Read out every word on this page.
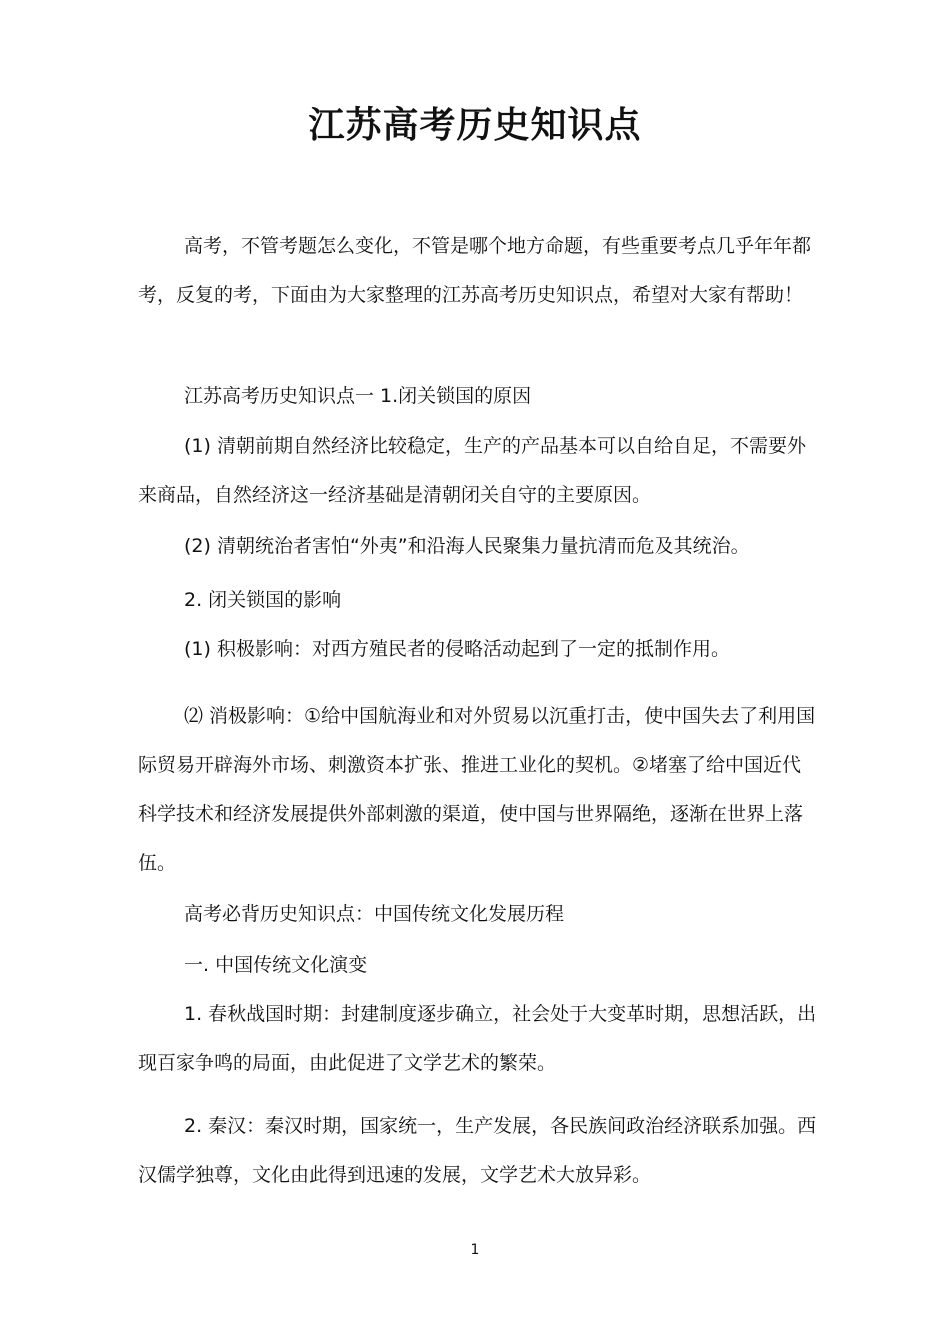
江苏高考历史知识点

高考，不管考题怎么变化，不管是哪个地方命题，有些重要考点几乎年年都考，反复的考，下面由为大家整理的江苏高考历史知识点，希望对大家有帮助！

江苏高考历史知识点一 1.闭关锁国的原因

(1) 清朝前期自然经济比较稳定，生产的产品基本可以自给自足，不需要外来商品，自然经济这一经济基础是清朝闭关自守的主要原因。

(2) 清朝统治者害怕“外夷”和沿海人民聚集力量抗清而危及其统治。

2. 闭关锁国的影响

(1) 积极影响：对西方殖民者的侵略活动起到了一定的抵制作用。

⑵ 消极影响：①给中国航海业和对外贸易以沉重打击，使中国失去了利用国际贸易开辟海外市场、刺激资本扩张、推进工业化的契机。②堵塞了给中国近代科学技术和经济发展提供外部刺激的渠道，使中国与世界隔绝，逐渐在世界上落伍。

高考必背历史知识点：中国传统文化发展历程

一. 中国传统文化演变

1. 春秋战国时期：封建制度逐步确立，社会处于大变革时期，思想活跃，出现百家争鸣的局面，由此促进了文学艺术的繁荣。

2. 秦汉：秦汉时期，国家统一，生产发展，各民族间政治经济联系加强。西汉儒学独尊，文化由此得到迅速的发展，文学艺术大放异彩。

1
